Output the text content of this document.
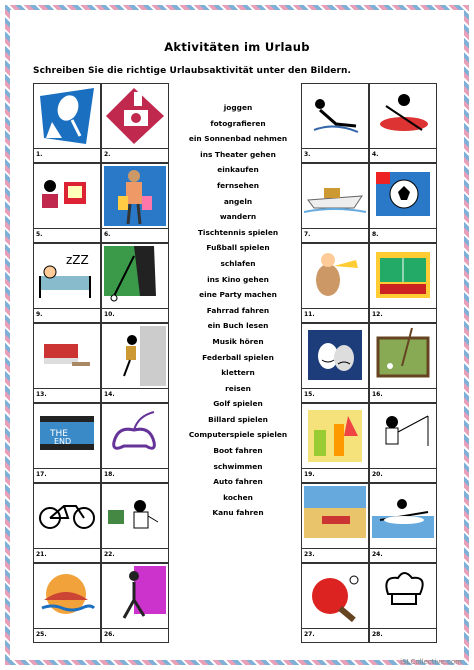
Aktivitäten im Urlaub
Schreiben Sie die richtige Urlaubsaktivität unter den Bildern.
1.	2.
5.	6.
zZZ
9.	10.
13.	14.
THE
END
17.	18.
21.	22.
25.	26.
3.	4.
7.	8.
11.	12.
15.	16.
19.	20.
23.	24.
27.	28.
joggen
fotografieren
ein Sonnenbad nehmen
ins Theater gehen
einkaufen
fernsehen
angeln
wandern
Tischtennis spielen
Fußball spielen
schlafen
ins Kino gehen
eine Party machen
Fahrrad fahren
ein Buch lesen
Musik hören
Federball spielen
klettern
reisen
Golf spielen
Billard spielen
Computerspiele spielen
Boot fahren
schwimmen
Auto fahren
kochen
Kanu fahren
iSLCollective.com
